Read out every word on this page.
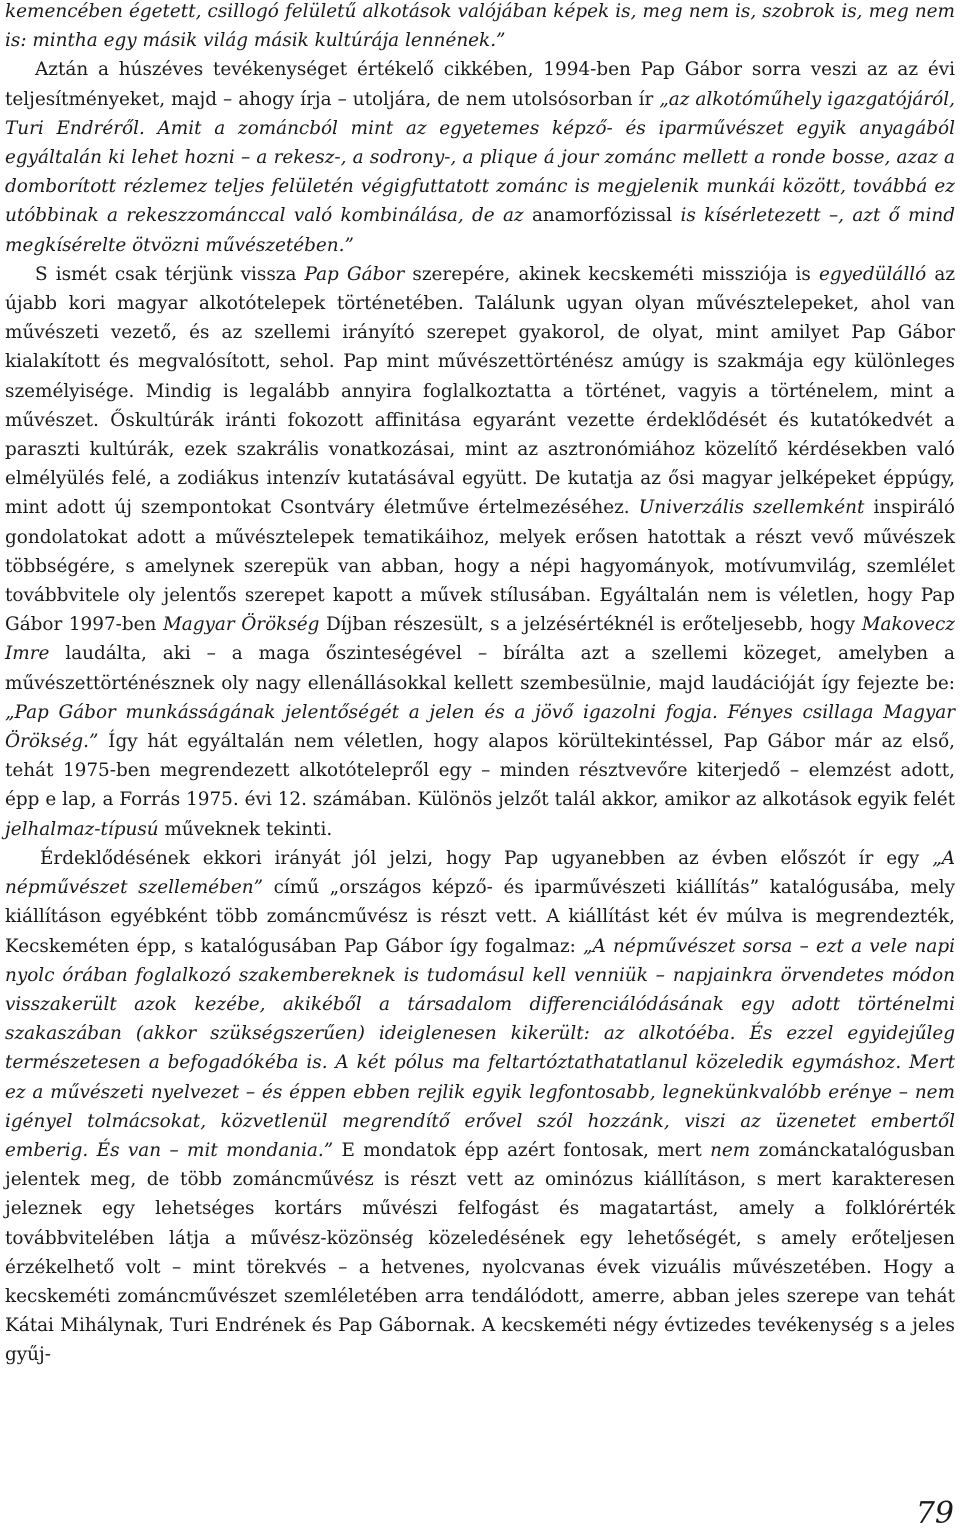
kemencében égetett, csillogó felületű alkotások valójában képek is, meg nem is, szobrok is, meg nem is: mintha egy másik világ másik kultúrája lennének.”
Aztán a húszéves tevékenységet értékelő cikkében, 1994-ben Pap Gábor sorra veszi az az évi teljesítményeket, majd – ahogy írja – utoljára, de nem utolsósorban ír „az alkotóműhely igazgatójáról, Turi Endréről. Amit a zománcból mint az egyetemes képző- és iparművészet egyik anyagából egyáltalán ki lehet hozni – a rekesz-, a sodrony-, a plique á jour zománc mellett a ronde bosse, azaz a domborított rézlemez teljes felületén végigfuttatott zománc is megjelenik munkái között, továbbá ez utóbbinak a rekeszzománccal való kombinálása, de az anamorfózissal is kísérletezett –, azt ő mind megkísérelte ötvözni művészetében.”
S ismét csak térjünk vissza Pap Gábor szerepére, akinek kecskeméti missziója is egyedülálló az újabb kori magyar alkotótelepek történetében. Találunk ugyan olyan művésztelepeket, ahol van művészeti vezető, és az szellemi irányító szerepet gyakorol, de olyat, mint amilyet Pap Gábor kialakított és megvalósított, sehol. Pap mint művészettörténész amúgy is szakmája egy különleges személyisége. Mindig is legalább annyira foglalkoztatta a történet, vagyis a történelem, mint a művészet. Őskultúrák iránti fokozott affinitása egyaránt vezette érdeklődését és kutatókedvét a paraszti kultúrák, ezek szakrális vonatkozásai, mint az asztronómiához közelítő kérdésekben való elmélyülés felé, a zodiákus intenzív kutatásával együtt. De kutatja az ősi magyar jelképeket éppúgy, mint adott új szempontokat Csontváry életműve értelmezéséhez. Univerzális szellemként inspiráló gondolatokat adott a művésztelepek tematikáihoz, melyek erősen hatottak a részt vevő művészek többségére, s amelynek szerepük van abban, hogy a népi hagyományok, motívumvilág, szemlélet továbbvitele oly jelentős szerepet kapott a művek stílusában. Egyáltalán nem is véletlen, hogy Pap Gábor 1997-ben Magyar Örökség Díjban részesült, s a jelzésértéknél is erőteljesebb, hogy Makovecz Imre laudálta, aki – a maga őszinteségével – bírálta azt a szellemi közeget, amelyben a művészettörténésznek oly nagy ellenállásokkal kellett szembesülnie, majd laudációját így fejezte be: „Pap Gábor munkásságának jelentőségét a jelen és a jövő igazolni fogja. Fényes csillaga Magyar Örökség.” Így hát egyáltalán nem véletlen, hogy alapos körültekintéssel, Pap Gábor már az első, tehát 1975-ben megrendezett alkotótelepről egy – minden résztvevőre kiterjedő – elemzést adott, épp e lap, a Forrás 1975. évi 12. számában. Különös jelzőt talál akkor, amikor az alkotások egyik felét jelhalmaz-típusú műveknek tekinti.
Érdeklődésének ekkori irányát jól jelzi, hogy Pap ugyanebben az évben előszót ír egy „A népművészet szellemében” című „országos képző- és iparművészeti kiállítás” katalógusába, mely kiállításon egyébként több zománcművész is részt vett. A kiállítást két év múlva is megrendezték, Kecskeméten épp, s katalógusában Pap Gábor így fogalmaz: „A népművészet sorsa – ezt a vele napi nyolc órában foglalkozó szakembereknek is tudomásul kell venniük – napjainkra örvendetes módon visszakerült azok kezébe, akikéből a társadalom differenciálódásának egy adott történelmi szakaszában (akkor szükségszerűen) ideiglenesen kikerült: az alkotóéba. És ezzel egyidejűleg természetesen a befogadókéba is. A két pólus ma feltartóztathatatlanul közeledik egymáshoz. Mert ez a művészeti nyelvezet – és éppen ebben rejlik egyik legfontosabb, legnekünkvalóbb erénye – nem igényel tolmácsokat, közvetlenül megrendítő erővel szól hozzánk, viszi az üzenetet embertől emberig. És van – mit mondania.” E mondatok épp azért fontosak, mert nem zománckatalógusban jelentek meg, de több zománcművész is részt vett az ominózus kiállításon, s mert karakteresen jeleznek egy lehetséges kortárs művészi felfogást és magatartást, amely a folklórérték továbbvitelében látja a művész-közönség közeledésének egy lehetőségét, s amely erőteljesen érzékelhető volt – mint törekvés – a hetvenes, nyolcvanas évek vizuális művészetében. Hogy a kecskeméti zománcművészet szemléletében arra tendálódott, amerre, abban jeles szerepe van tehát Kátai Mihálynak, Turi Endrének és Pap Gábornak. A kecskeméti négy évtizedes tevékenység s a jeles gyűj-
79
